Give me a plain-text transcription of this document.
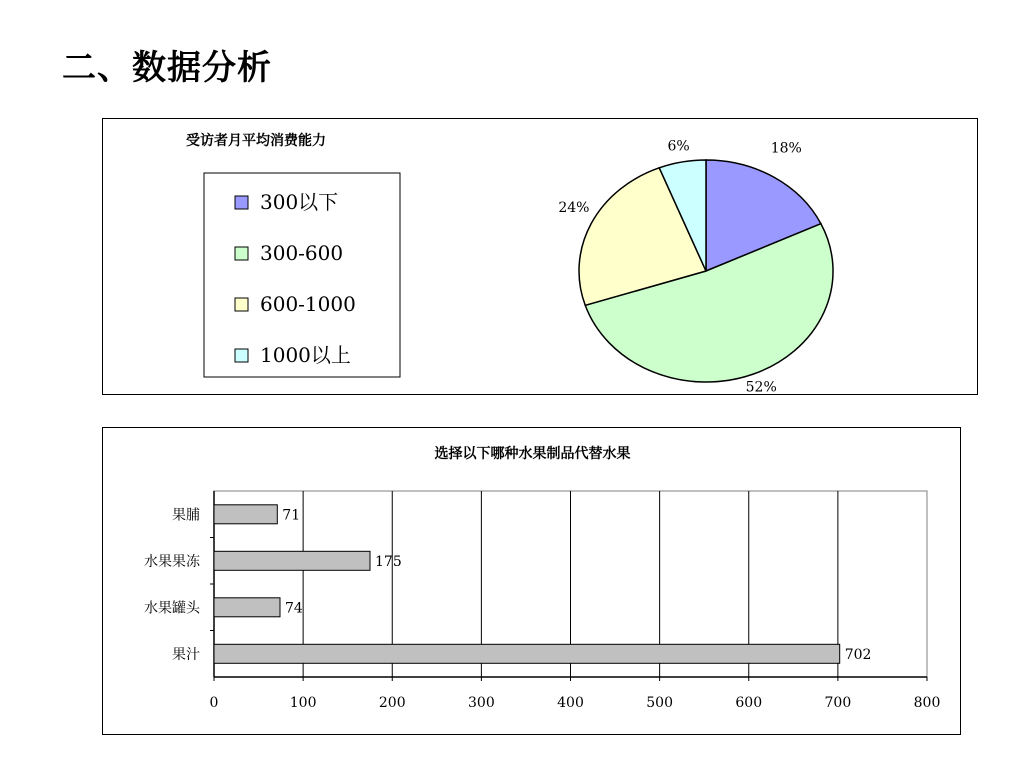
二、数据分析
受访者月平均消费能力
300以下
300-600
600-1000
1000以上
18%
52%
24%
6%
选择以下哪种水果制品代替水果
0	100	200	300	400	500	600	700	800
果脯	71
水果果冻	175
水果罐头	74
果汁	702
